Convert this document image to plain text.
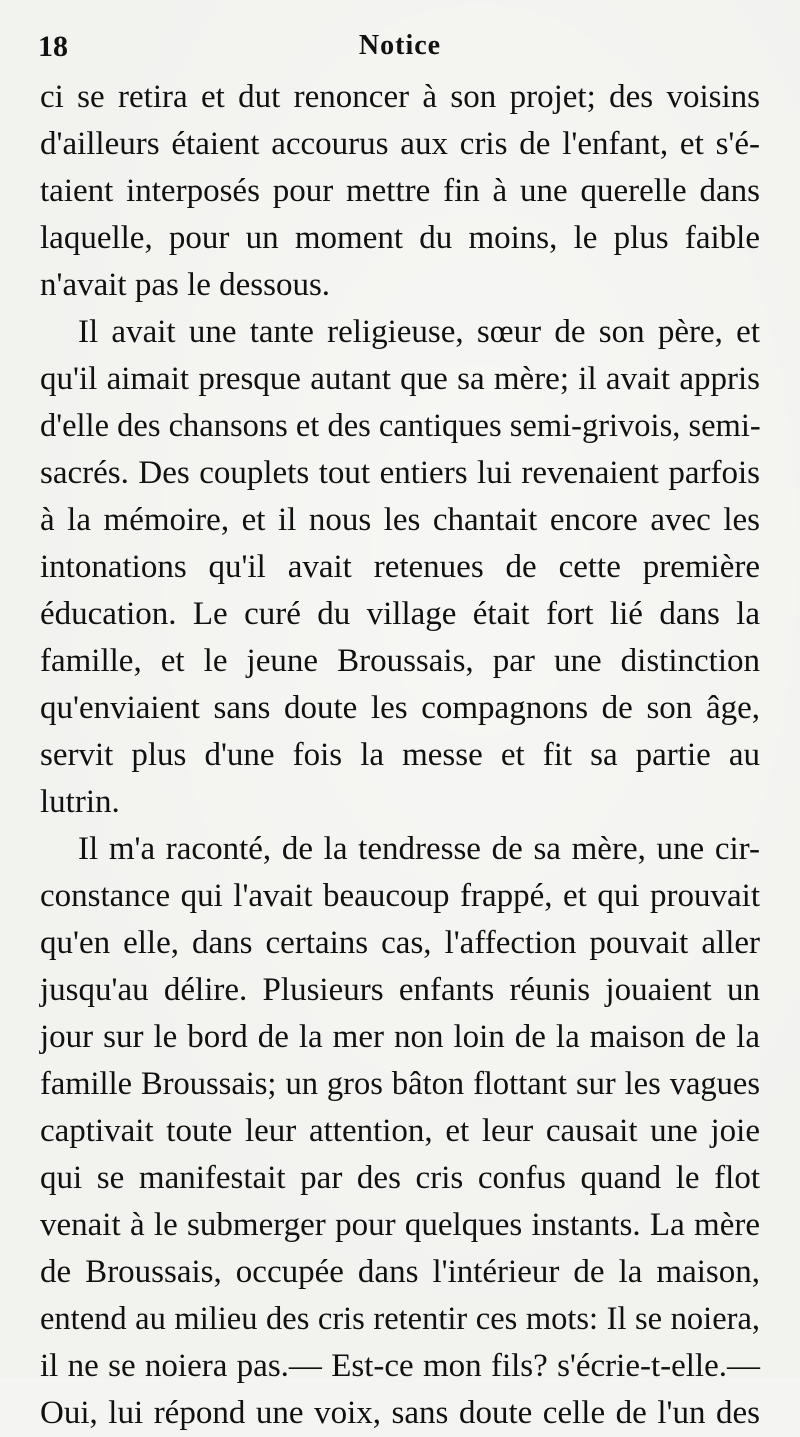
18	Notice
ci se retira et dut renoncer à son projet; des voisins
d'ailleurs étaient accourus aux cris de l'enfant, et s'é-
taient interposés pour mettre fin à une querelle dans
laquelle, pour un moment du moins, le plus faible
n'avait pas le dessous.
Il avait une tante religieuse, sœur de son père, et
qu'il aimait presque autant que sa mère; il avait appris
d'elle des chansons et des cantiques semi-grivois, semi-
sacrés. Des couplets tout entiers lui revenaient parfois
à la mémoire, et il nous les chantait encore avec les
intonations qu'il avait retenues de cette première
éducation. Le curé du village était fort lié dans la
famille, et le jeune Broussais, par une distinction
qu'enviaient sans doute les compagnons de son âge,
servit plus d'une fois la messe et fit sa partie au
lutrin.
Il m'a raconté, de la tendresse de sa mère, une cir-
constance qui l'avait beaucoup frappé, et qui prouvait
qu'en elle, dans certains cas, l'affection pouvait aller
jusqu'au délire. Plusieurs enfants réunis jouaient un
jour sur le bord de la mer non loin de la maison de la
famille Broussais; un gros bâton flottant sur les vagues
captivait toute leur attention, et leur causait une joie
qui se manifestait par des cris confus quand le flot
venait à le submerger pour quelques instants. La mère
de Broussais, occupée dans l'intérieur de la maison,
entend au milieu des cris retentir ces mots: Il se noiera,
il ne se noiera pas.— Est-ce mon fils? s'écrie-t-elle.—
Oui, lui répond une voix, sans doute celle de l'un des
